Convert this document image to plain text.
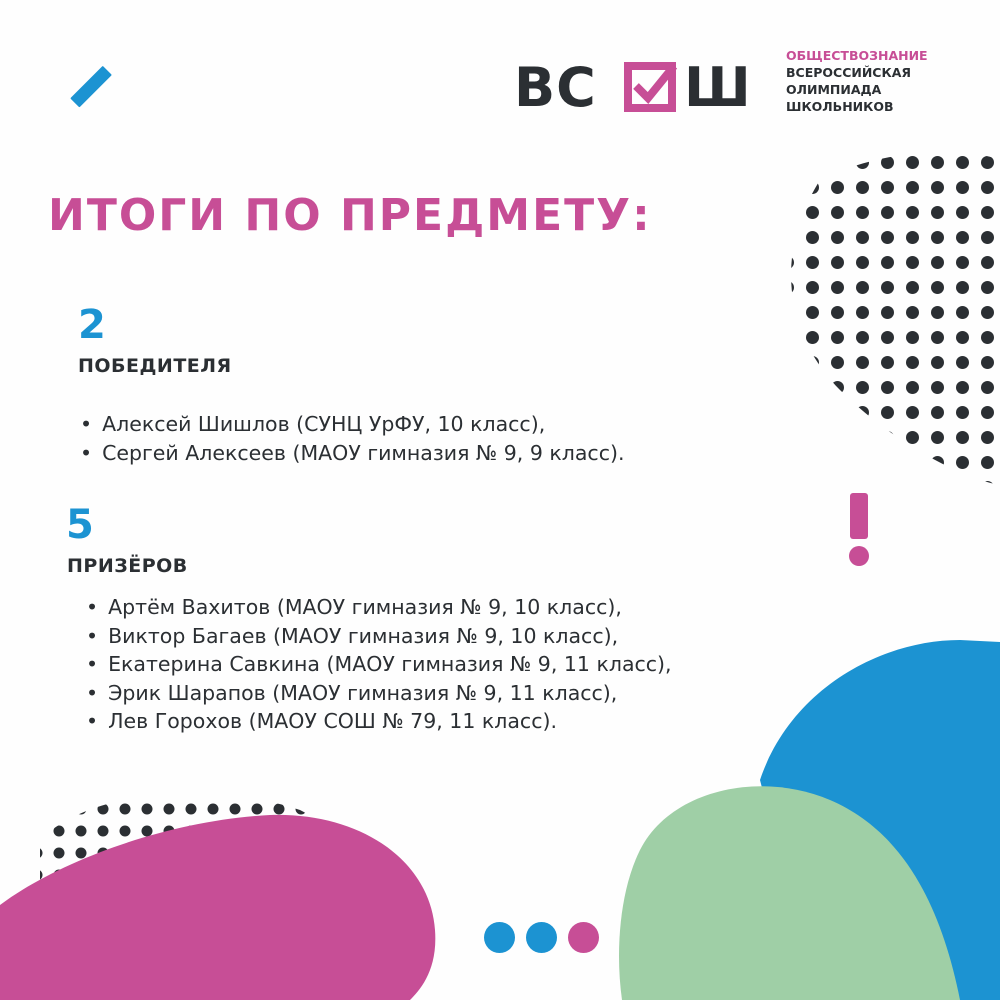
ВС Ш
ОБЩЕСТВОЗНАНИЕ
ВСЕРОССИЙСКАЯ
ОЛИМПИАДА
ШКОЛЬНИКОВ
ИТОГИ ПО ПРЕДМЕТУ:
2
ПОБЕДИТЕЛЯ
• Алексей Шишлов (СУНЦ УрФУ, 10 класс),
• Сергей Алексеев (МАОУ гимназия № 9, 9 класс).
5
ПРИЗЁРОВ
• Артём Вахитов (МАОУ гимназия № 9, 10 класс),
• Виктор Багаев (МАОУ гимназия № 9, 10 класс),
• Екатерина Савкина (МАОУ гимназия № 9, 11 класс),
• Эрик Шарапов (МАОУ гимназия № 9, 11 класс),
• Лев Горохов (МАОУ СОШ № 79, 11 класс).
